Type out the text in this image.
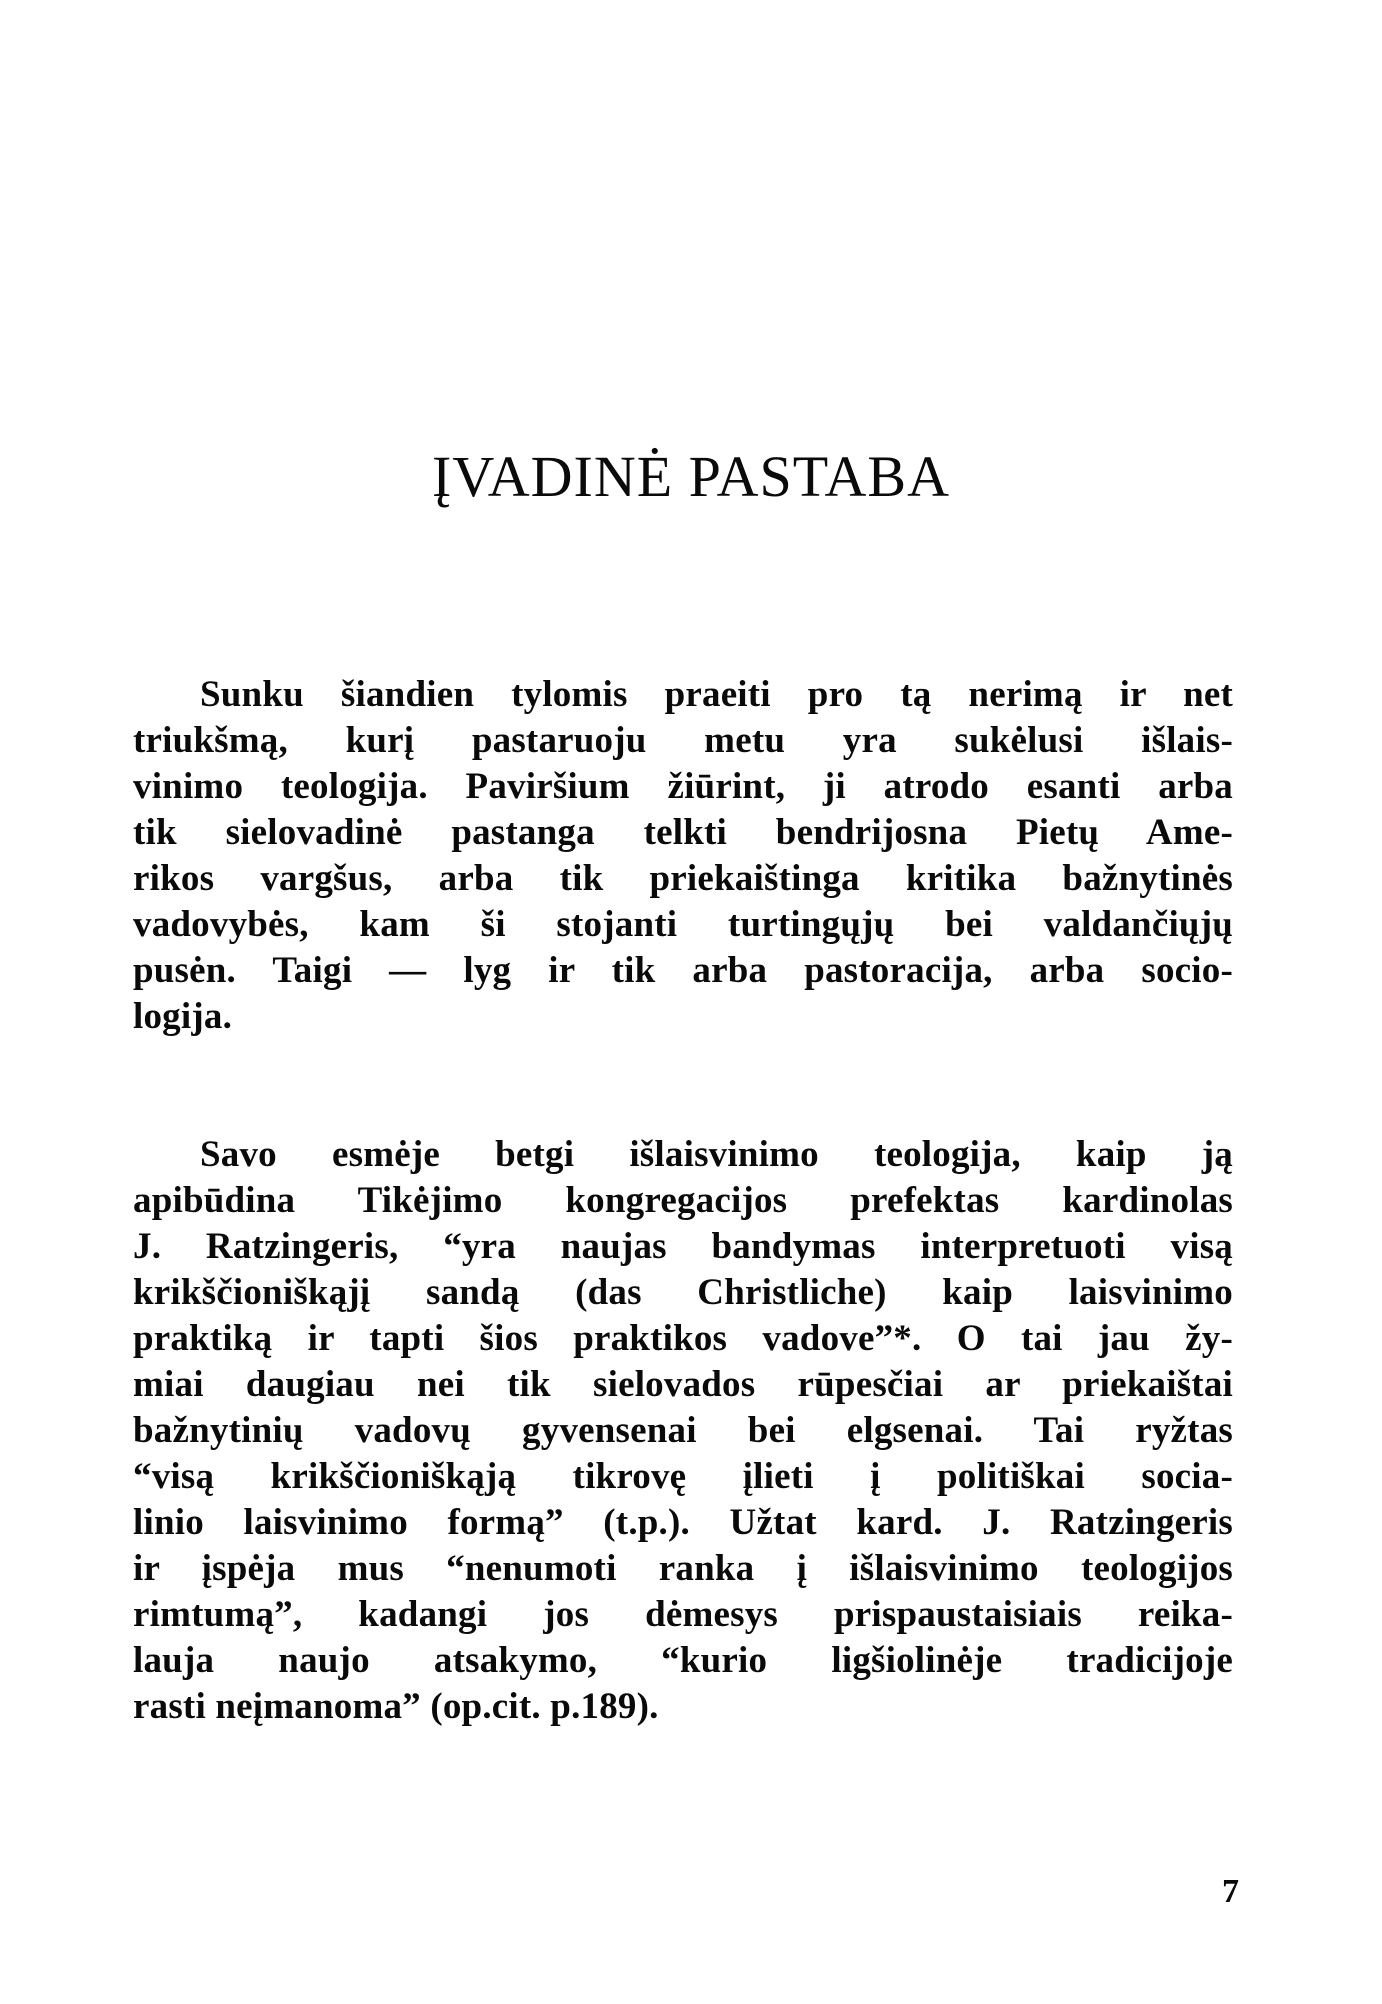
ĮVADINĖ PASTABA
Sunku šiandien tylomis praeiti pro tą nerimą ir net
triukšmą, kurį pastaruoju metu yra sukėlusi išlais-
vinimo teologija. Paviršium žiūrint, ji atrodo esanti arba
tik sielovadinė pastanga telkti bendrijosna Pietų Ame-
rikos vargšus, arba tik priekaištinga kritika bažnytinės
vadovybės, kam ši stojanti turtingųjų bei valdančiųjų
pusėn. Taigi — lyg ir tik arba pastoracija, arba socio-
logija.
Savo esmėje betgi išlaisvinimo teologija, kaip ją
apibūdina Tikėjimo kongregacijos prefektas kardinolas
J. Ratzingeris, “yra naujas bandymas interpretuoti visą
krikščioniškąjį sandą (das Christliche) kaip laisvinimo
praktiką ir tapti šios praktikos vadove”*. O tai jau žy-
miai daugiau nei tik sielovados rūpesčiai ar priekaištai
bažnytinių vadovų gyvensenai bei elgsenai. Tai ryžtas
“visą krikščioniškąją tikrovę įlieti į politiškai socia-
linio laisvinimo formą” (t.p.). Užtat kard. J. Ratzingeris
ir įspėja mus “nenumoti ranka į išlaisvinimo teologijos
rimtumą”, kadangi jos dėmesys prispaustaisiais reika-
lauja naujo atsakymo, “kurio ligšiolinėje tradicijoje
rasti neįmanoma” (op.cit. p.189).
7
